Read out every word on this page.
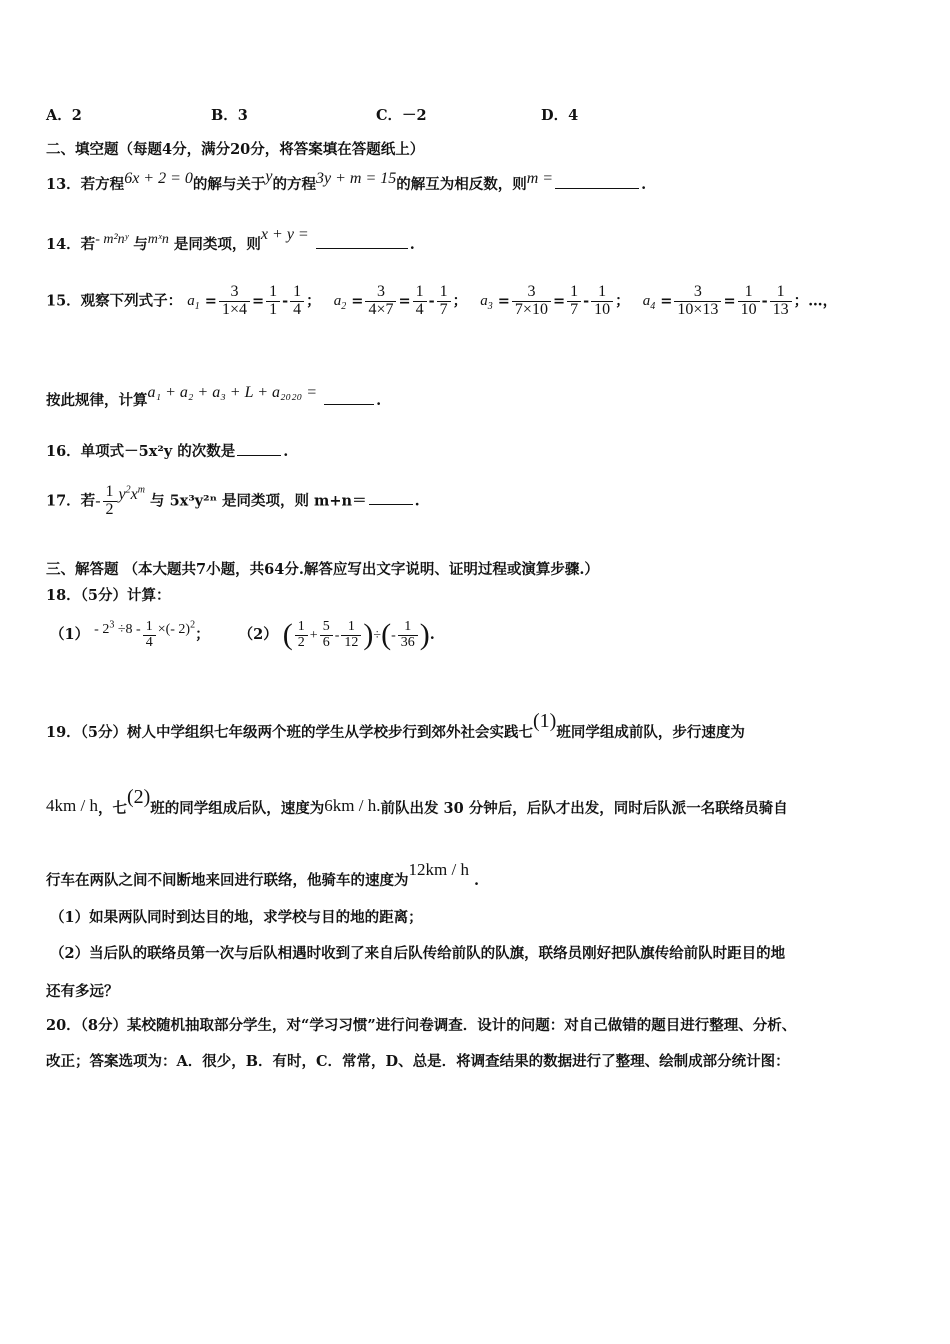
A．2	B．3	C．－2	D．4
二、填空题（每题4分，满分20分，将答案填在答题纸上）
13．若方程6x + 2 = 0的解与关于y的方程3y + m = 15的解互为相反数，则m =	.
14．若- m²nʸ 与mˣn 是同类项，则x + y = .
15．观察下列式子： $a_1 = \frac{3}{1\times 4} = \frac{1}{1} - \frac{1}{4}$ ； $a_2 = \frac{3}{4\times 7} = \frac{1}{4} - \frac{1}{7}$ ； $a_3 = \frac{3}{7\times 10} = \frac{1}{7} - \frac{1}{10}$ ； $a_4 = \frac{3}{10\times 13} = \frac{1}{10} - \frac{1}{13}$ ；…，
按此规律，计算a₁ + a₂ + a₃ + L + a₂₀₂₀ =	.
16．单项式－5x²y 的次数是	.
17．若- $\frac{1}{2} y^2x^m$ 与 5x³y²ⁿ 是同类项，则 m+n＝	.
三、解答题 （本大题共7小题，共64分.解答应写出文字说明、证明过程或演算步骤.）
18．（5分）计算：
$(1) - 2^3 \div 8 - \frac{1}{4}$ ×(- 2)$^2$； （2） ( $\frac{1}{2} + \frac{5}{6} - \frac{1}{12}$ )÷(- $\frac{1}{36}$ ).
19．（5分）树人中学组织七年级两个班的学生从学校步行到郊外社会实践七(1)班同学组成前队，步行速度为
4km / h，七(2)班的同学组成后队，速度为6km / h.前队出发 30 分钟后，后队才出发，同时后队派一名联络员骑自
行车在两队之间不间断地来回进行联络，他骑车的速度为12km / h .
（1）如果两队同时到达目的地，求学校与目的地的距离；
（2）当后队的联络员第一次与后队相遇时收到了来自后队传给前队的队旗，联络员刚好把队旗传给前队时距目的地
还有多远？
20．（8分）某校随机抽取部分学生，对“学习习惯”进行问卷调查．设计的问题：对自己做错的题目进行整理、分析、
改正；答案选项为：A．很少，B．有时，C．常常，D、总是．将调查结果的数据进行了整理、绘制成部分统计图：
